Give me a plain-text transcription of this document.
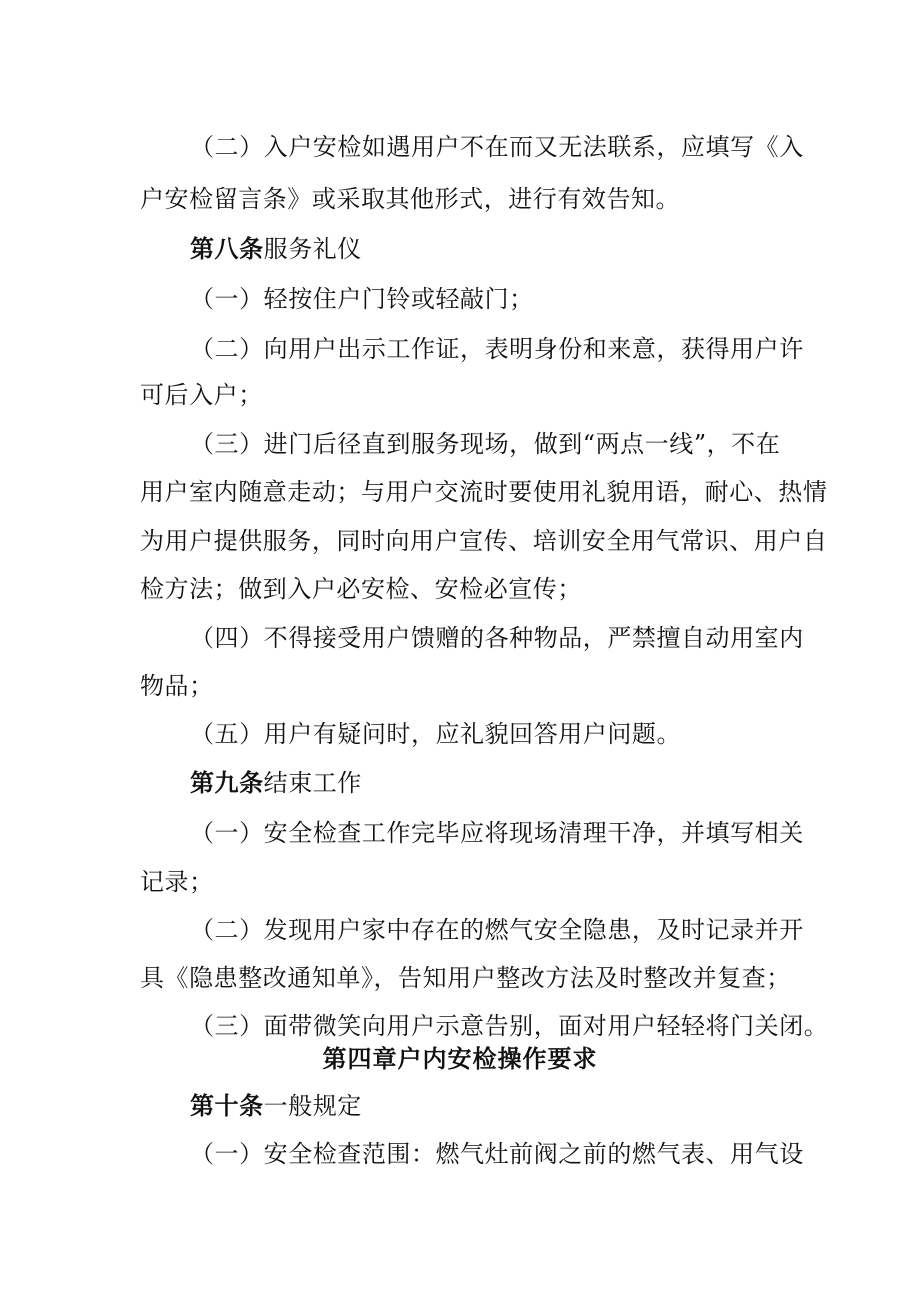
（二）入户安检如遇用户不在而又无法联系，应填写《入
户安检留言条》或采取其他形式，进行有效告知。
第八条服务礼仪
（一）轻按住户门铃或轻敲门；
（二）向用户出示工作证，表明身份和来意，获得用户许
可后入户；
（三）进门后径直到服务现场，做到“两点一线”，不在
用户室内随意走动；与用户交流时要使用礼貌用语，耐心、热情
为用户提供服务，同时向用户宣传、培训安全用气常识、用户自
检方法；做到入户必安检、安检必宣传；
（四）不得接受用户馈赠的各种物品，严禁擅自动用室内
物品；
（五）用户有疑问时，应礼貌回答用户问题。
第九条结束工作
（一）安全检查工作完毕应将现场清理干净，并填写相关
记录；
（二）发现用户家中存在的燃气安全隐患，及时记录并开
具《隐患整改通知单》，告知用户整改方法及时整改并复查；
（三）面带微笑向用户示意告别，面对用户轻轻将门关闭。
第四章户内安检操作要求
第十条一般规定
（一）安全检查范围：燃气灶前阀之前的燃气表、用气设
